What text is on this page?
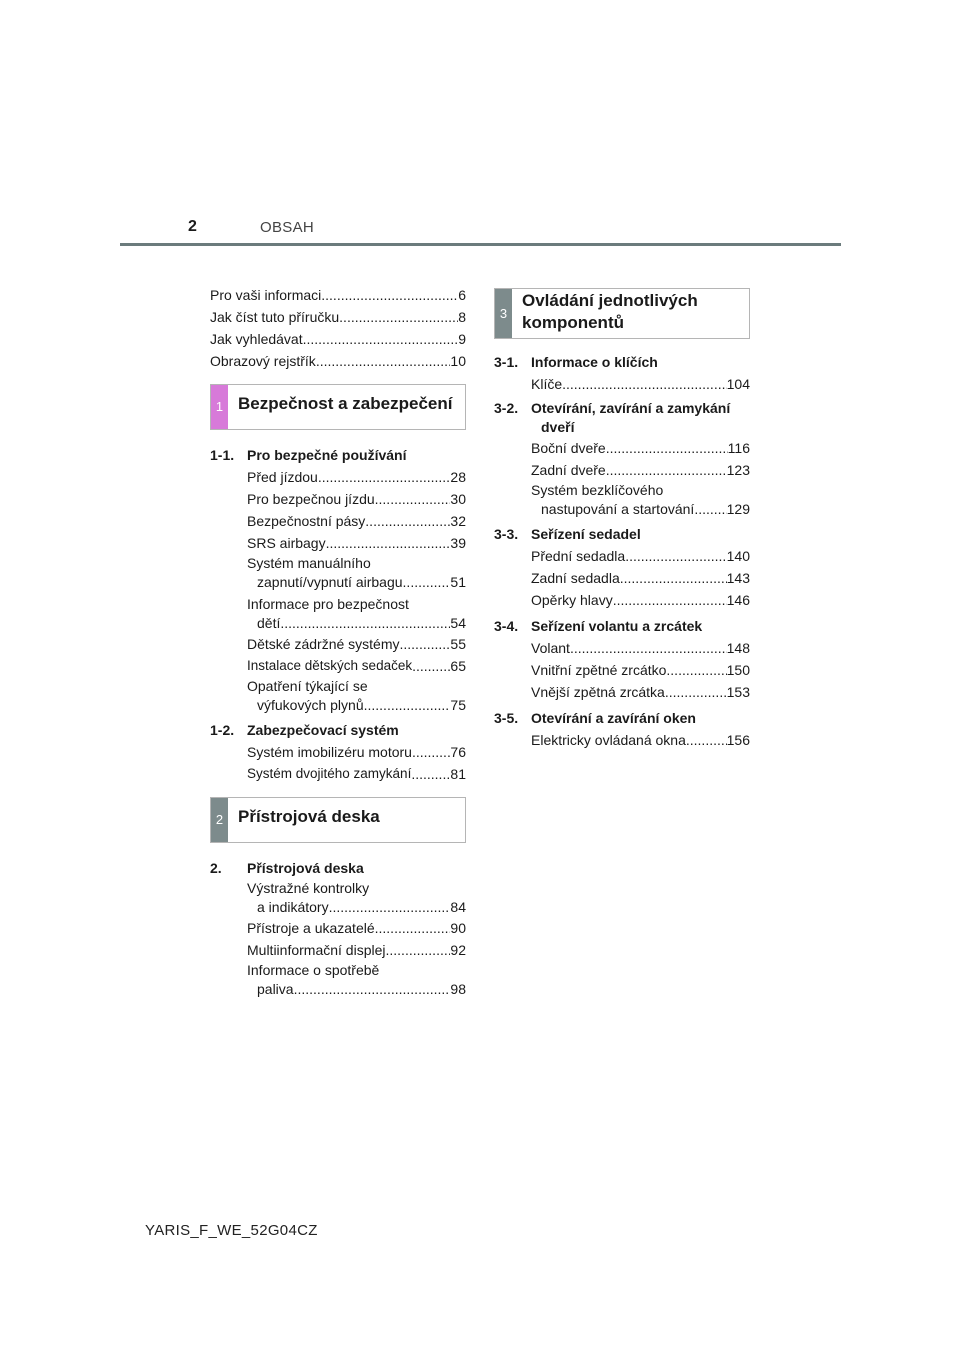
2	OBSAH
Pro vaši informaci .....	6
Jak číst tuto příručku .....	8
Jak vyhledávat .....	9
Obrazový rejstřík .....	10
1 Bezpečnost a zabezpečení
1-1. Pro bezpečné používání
Před jízdou .....	28
Pro bezpečnou jízdu .....	30
Bezpečnostní pásy .....	32
SRS airbagy .....	39
Systém manuálního
zapnutí/vypnutí airbagu .....	51
Informace pro bezpečnost
dětí .....	54
Dětské zádržné systémy .....	55
Instalace dětských sedaček .....	65
Opatření týkající se
výfukových plynů .....	75
1-2. Zabezpečovací systém
Systém imobilizéru motoru .....	76
Systém dvojitého zamykání .....	81
2 Přístrojová deska
2.	Přístrojová deska
Výstražné kontrolky
a indikátory .....	84
Přístroje a ukazatelé .....	90
Multiinformační displej .....	92
Informace o spotřebě
paliva .....	98
3
Ovládání jednotlivých
komponentů
3-1. Informace o klíčích
Klíče .....	104
3-2. Otevírání, zavírání a zamykání
dveří
Boční dveře .....	116
Zadní dveře .....	123
Systém bezklíčového
nastupování a startování ..... 129
3-3. Seřízení sedadel
Přední sedadla .....	140
Zadní sedadla .....	143
Opěrky hlavy .....	146
3-4. Seřízení volantu a zrcátek
Volant .....	148
Vnitřní zpětné zrcátko .....	150
Vnější zpětná zrcátka .....	153
3-5. Otevírání a zavírání oken
Elektricky ovládaná okna .....	156
YARIS_F_WE_52G04CZ
